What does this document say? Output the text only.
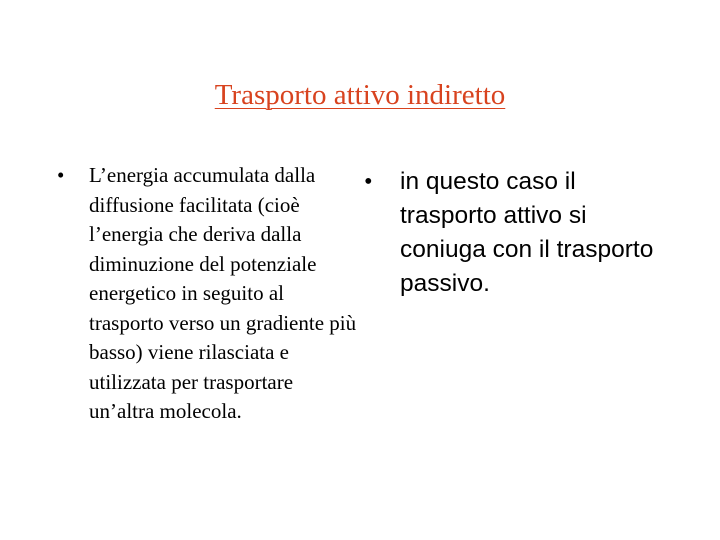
Trasporto attivo indiretto
• L’energia accumulata dalla diffusione facilitata (cioè l’energia che deriva dalla diminuzione del potenziale energetico in seguito al trasporto verso un gradiente più basso) viene rilasciata e utilizzata per trasportare un’altra molecola.
• in questo caso il trasporto attivo si coniuga con il trasporto passivo.
